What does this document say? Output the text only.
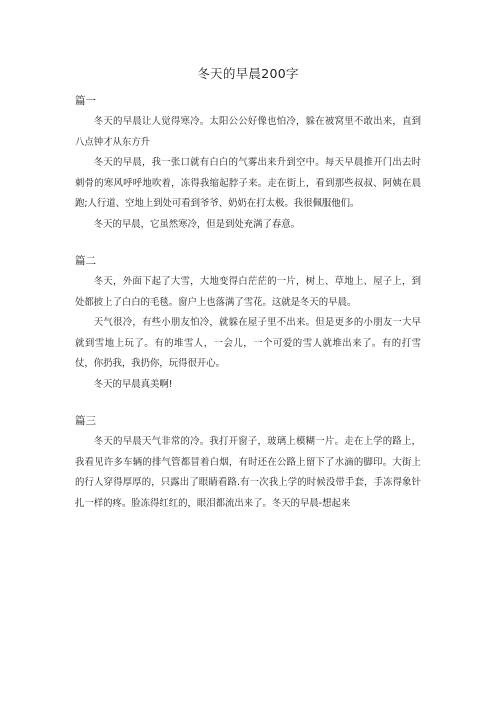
冬天的早晨200字
篇一

冬天的早晨让人觉得寒冷。太阳公公好像也怕冷，躲在被窝里不敢出来，直到八点钟才从东方升

冬天的早晨，我一张口就有白白的气雾出来升到空中。每天早晨推开门出去时刺骨的寒风呼呼地吹着，冻得我缩起脖子来。走在街上，看到那些叔叔、阿姨在晨跑;人行道、空地上到处可看到爷爷、奶奶在打太极。我很佩服他们。

冬天的早晨，它虽然寒冷，但是到处充满了春意。

篇二

冬天，外面下起了大雪，大地变得白茫茫的一片，树上、草地上、屋子上，到处都披上了白白的毛毯。窗户上也落满了雪花。这就是冬天的早晨。

天气很冷，有些小朋友怕冷，就躲在屋子里不出来。但是更多的小朋友一大早就到雪地上玩了。有的堆雪人，一会儿，一个可爱的雪人就堆出来了。有的打雪仗，你扔我，我扔你，玩得很开心。

冬天的早晨真美啊!

篇三

冬天的早晨天气非常的冷。我打开窗子，玻璃上模糊一片。走在上学的路上，我看见许多车辆的排气管都冒着白烟，有时还在公路上留下了水滴的脚印。大街上的行人穿得厚厚的，只露出了眼睛看路.有一次我上学的时候没带手套，手冻得象针扎一样的疼。脸冻得红红的，眼泪都流出来了。冬天的早晨-想起来
